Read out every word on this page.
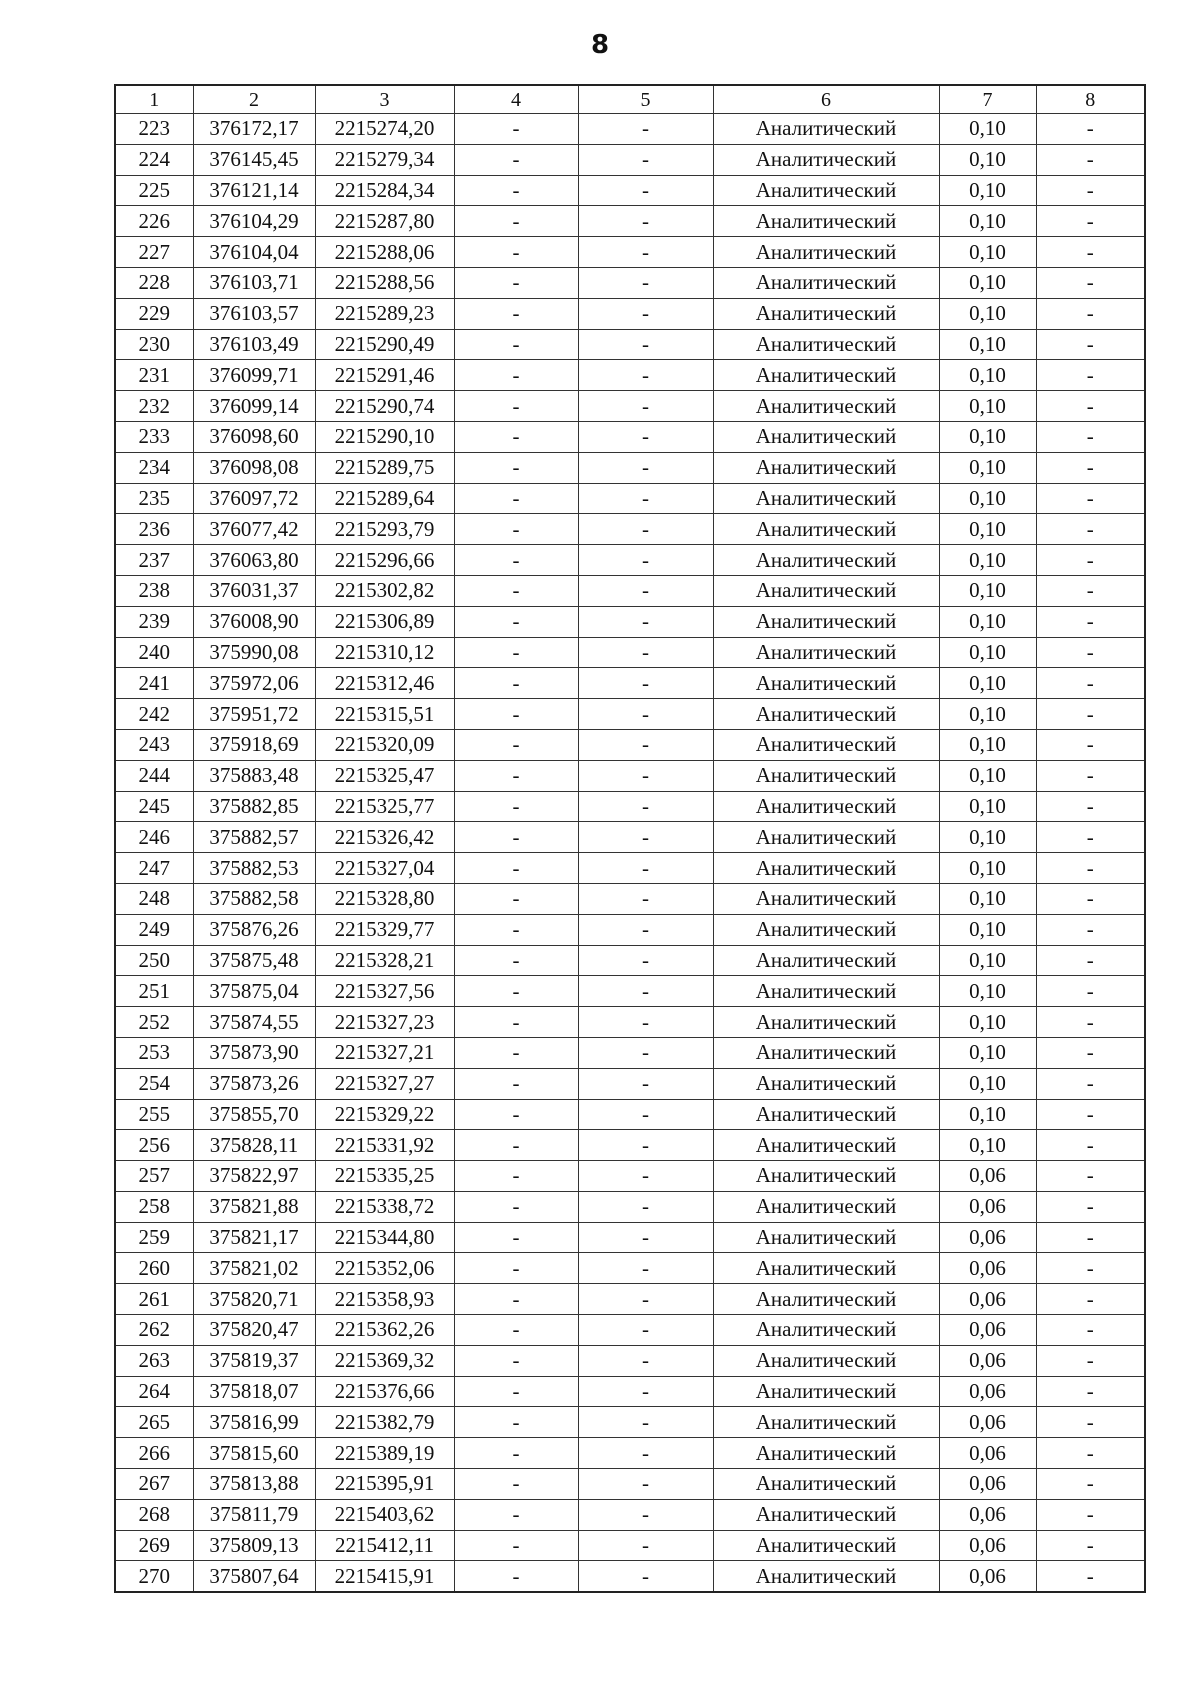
8
1	2	3	4	5	6	7	8
223	376172,17	2215274,20	-	-	Аналитический	0,10	-
224	376145,45	2215279,34	-	-	Аналитический	0,10	-
225	376121,14	2215284,34	-	-	Аналитический	0,10	-
226	376104,29	2215287,80	-	-	Аналитический	0,10	-
227	376104,04	2215288,06	-	-	Аналитический	0,10	-
228	376103,71	2215288,56	-	-	Аналитический	0,10	-
229	376103,57	2215289,23	-	-	Аналитический	0,10	-
230	376103,49	2215290,49	-	-	Аналитический	0,10	-
231	376099,71	2215291,46	-	-	Аналитический	0,10	-
232	376099,14	2215290,74	-	-	Аналитический	0,10	-
233	376098,60	2215290,10	-	-	Аналитический	0,10	-
234	376098,08	2215289,75	-	-	Аналитический	0,10	-
235	376097,72	2215289,64	-	-	Аналитический	0,10	-
236	376077,42	2215293,79	-	-	Аналитический	0,10	-
237	376063,80	2215296,66	-	-	Аналитический	0,10	-
238	376031,37	2215302,82	-	-	Аналитический	0,10	-
239	376008,90	2215306,89	-	-	Аналитический	0,10	-
240	375990,08	2215310,12	-	-	Аналитический	0,10	-
241	375972,06	2215312,46	-	-	Аналитический	0,10	-
242	375951,72	2215315,51	-	-	Аналитический	0,10	-
243	375918,69	2215320,09	-	-	Аналитический	0,10	-
244	375883,48	2215325,47	-	-	Аналитический	0,10	-
245	375882,85	2215325,77	-	-	Аналитический	0,10	-
246	375882,57	2215326,42	-	-	Аналитический	0,10	-
247	375882,53	2215327,04	-	-	Аналитический	0,10	-
248	375882,58	2215328,80	-	-	Аналитический	0,10	-
249	375876,26	2215329,77	-	-	Аналитический	0,10	-
250	375875,48	2215328,21	-	-	Аналитический	0,10	-
251	375875,04	2215327,56	-	-	Аналитический	0,10	-
252	375874,55	2215327,23	-	-	Аналитический	0,10	-
253	375873,90	2215327,21	-	-	Аналитический	0,10	-
254	375873,26	2215327,27	-	-	Аналитический	0,10	-
255	375855,70	2215329,22	-	-	Аналитический	0,10	-
256	375828,11	2215331,92	-	-	Аналитический	0,10	-
257	375822,97	2215335,25	-	-	Аналитический	0,06	-
258	375821,88	2215338,72	-	-	Аналитический	0,06	-
259	375821,17	2215344,80	-	-	Аналитический	0,06	-
260	375821,02	2215352,06	-	-	Аналитический	0,06	-
261	375820,71	2215358,93	-	-	Аналитический	0,06	-
262	375820,47	2215362,26	-	-	Аналитический	0,06	-
263	375819,37	2215369,32	-	-	Аналитический	0,06	-
264	375818,07	2215376,66	-	-	Аналитический	0,06	-
265	375816,99	2215382,79	-	-	Аналитический	0,06	-
266	375815,60	2215389,19	-	-	Аналитический	0,06	-
267	375813,88	2215395,91	-	-	Аналитический	0,06	-
268	375811,79	2215403,62	-	-	Аналитический	0,06	-
269	375809,13	2215412,11	-	-	Аналитический	0,06	-
270	375807,64	2215415,91	-	-	Аналитический	0,06	-
